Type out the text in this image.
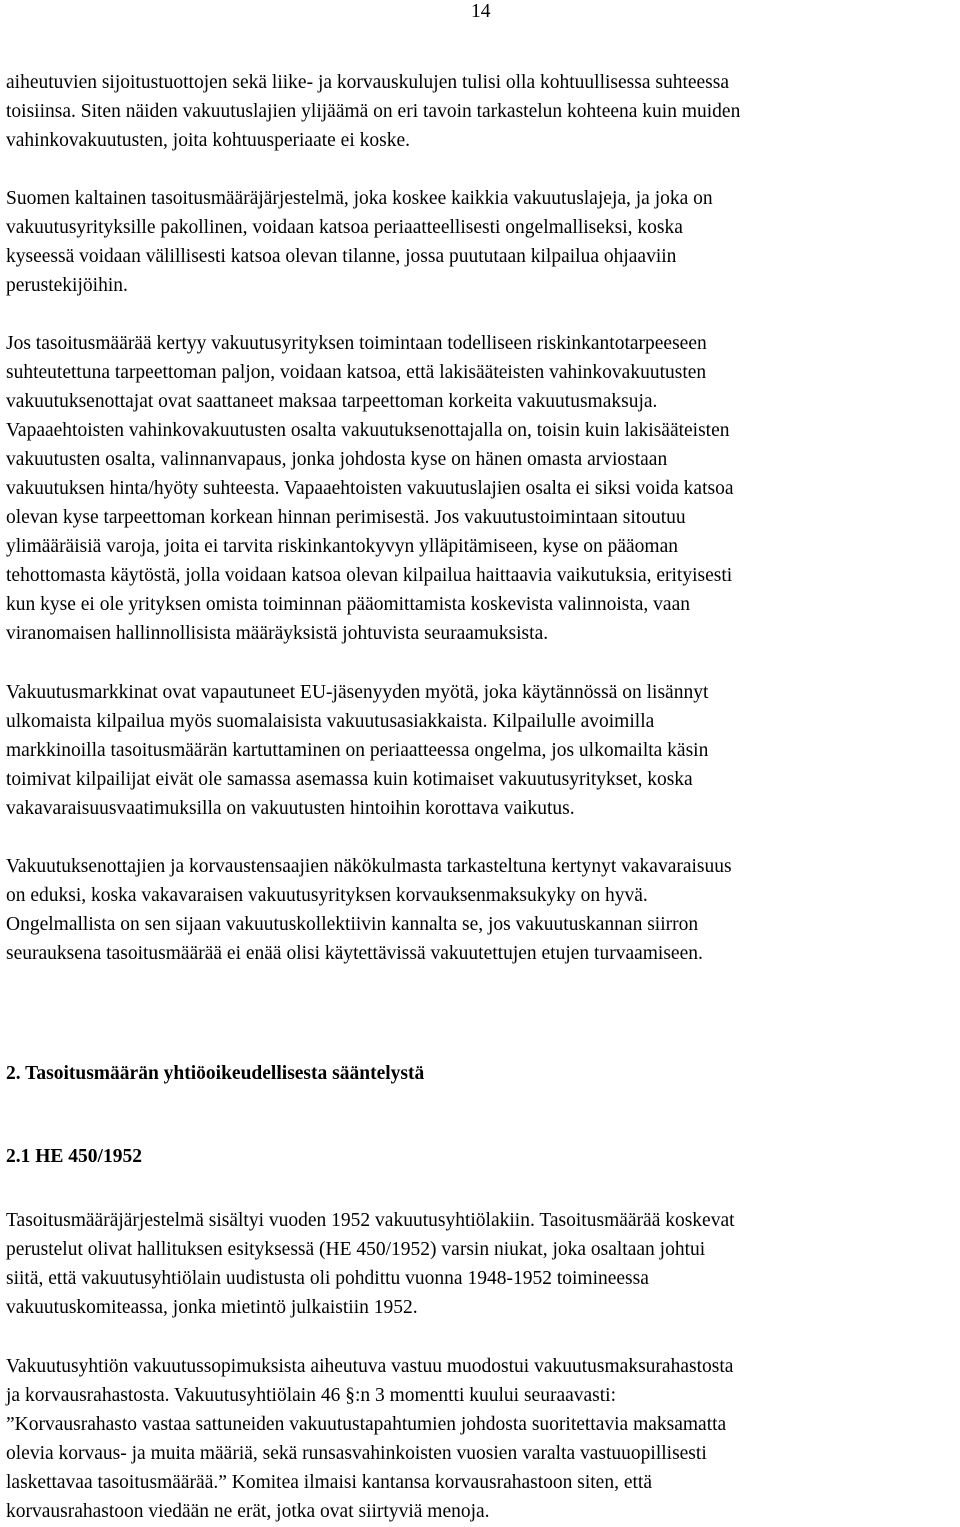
14
aiheutuvien sijoitustuottojen sekä liike- ja korvauskulujen tulisi olla kohtuullisessa suhteessa
toisiinsa. Siten näiden vakuutuslajien ylijäämä on eri tavoin tarkastelun kohteena kuin muiden
vahinkovakuutusten, joita kohtuusperiaate ei koske.
Suomen kaltainen tasoitusmääräjärjestelmä, joka koskee kaikkia vakuutuslajeja, ja joka on
vakuutusyrityksille pakollinen, voidaan katsoa periaatteellisesti ongelmalliseksi, koska
kyseessä voidaan välillisesti katsoa olevan tilanne, jossa puututaan kilpailua ohjaaviin
perustekijöihin.
Jos tasoitusmäärää kertyy vakuutusyrityksen toimintaan todelliseen riskinkantotarpeeseen
suhteutettuna tarpeettoman paljon, voidaan katsoa, että lakisääteisten vahinkovakuutusten
vakuutuksenottajat ovat saattaneet maksaa tarpeettoman korkeita vakuutusmaksuja.
Vapaaehtoisten vahinkovakuutusten osalta vakuutuksenottajalla on, toisin kuin lakisääteisten
vakuutusten osalta, valinnanvapaus, jonka johdosta kyse on hänen omasta arviostaan
vakuutuksen hinta/hyöty suhteesta. Vapaaehtoisten vakuutuslajien osalta ei siksi voida katsoa
olevan kyse tarpeettoman korkean hinnan perimisestä. Jos vakuutustoimintaan sitoutuu
ylimääräisiä varoja, joita ei tarvita riskinkantokyvyn ylläpitämiseen, kyse on pääoman
tehottomasta käytöstä, jolla voidaan katsoa olevan kilpailua haittaavia vaikutuksia, erityisesti
kun kyse ei ole yrityksen omista toiminnan pääomittamista koskevista valinnoista, vaan
viranomaisen hallinnollisista määräyksistä johtuvista seuraamuksista.
Vakuutusmarkkinat ovat vapautuneet EU-jäsenyyden myötä, joka käytännössä on lisännyt
ulkomaista kilpailua myös suomalaisista vakuutusasiakkaista. Kilpailulle avoimilla
markkinoilla tasoitusmäärän kartuttaminen on periaatteessa ongelma, jos ulkomailta käsin
toimivat kilpailijat eivät ole samassa asemassa kuin kotimaiset vakuutusyritykset, koska
vakavaraisuusvaatimuksilla on vakuutusten hintoihin korottava vaikutus.
Vakuutuksenottajien ja korvaustensaajien näkökulmasta tarkasteltuna kertynyt vakavaraisuus
on eduksi, koska vakavaraisen vakuutusyrityksen korvauksenmaksukyky on hyvä.
Ongelmallista on sen sijaan vakuutuskollektiivin kannalta se, jos vakuutuskannan siirron
seurauksena tasoitusmäärää ei enää olisi käytettävissä vakuutettujen etujen turvaamiseen.
2. Tasoitusmäärän yhtiöoikeudellisesta sääntelystä
2.1 HE 450/1952
Tasoitusmääräjärjestelmä sisältyi vuoden 1952 vakuutusyhtiölakiin. Tasoitusmäärää koskevat
perustelut olivat hallituksen esityksessä (HE 450/1952) varsin niukat, joka osaltaan johtui
siitä, että vakuutusyhtiölain uudistusta oli pohdittu vuonna 1948-1952 toimineessa
vakuutuskomiteassa, jonka mietintö julkaistiin 1952.
Vakuutusyhtiön vakuutussopimuksista aiheutuva vastuu muodostui vakuutusmaksurahastosta
ja korvausrahastosta. Vakuutusyhtiölain 46 §:n 3 momentti kuului seuraavasti:
”Korvausrahasto vastaa sattuneiden vakuutustapahtumien johdosta suoritettavia maksamatta
olevia korvaus- ja muita määriä, sekä runsasvahinkoisten vuosien varalta vastuuopillisesti
laskettavaa tasoitusmäärää.” Komitea ilmaisi kantansa korvausrahastoon siten, että
korvausrahastoon viedään ne erät, jotka ovat siirtyviä menoja.
